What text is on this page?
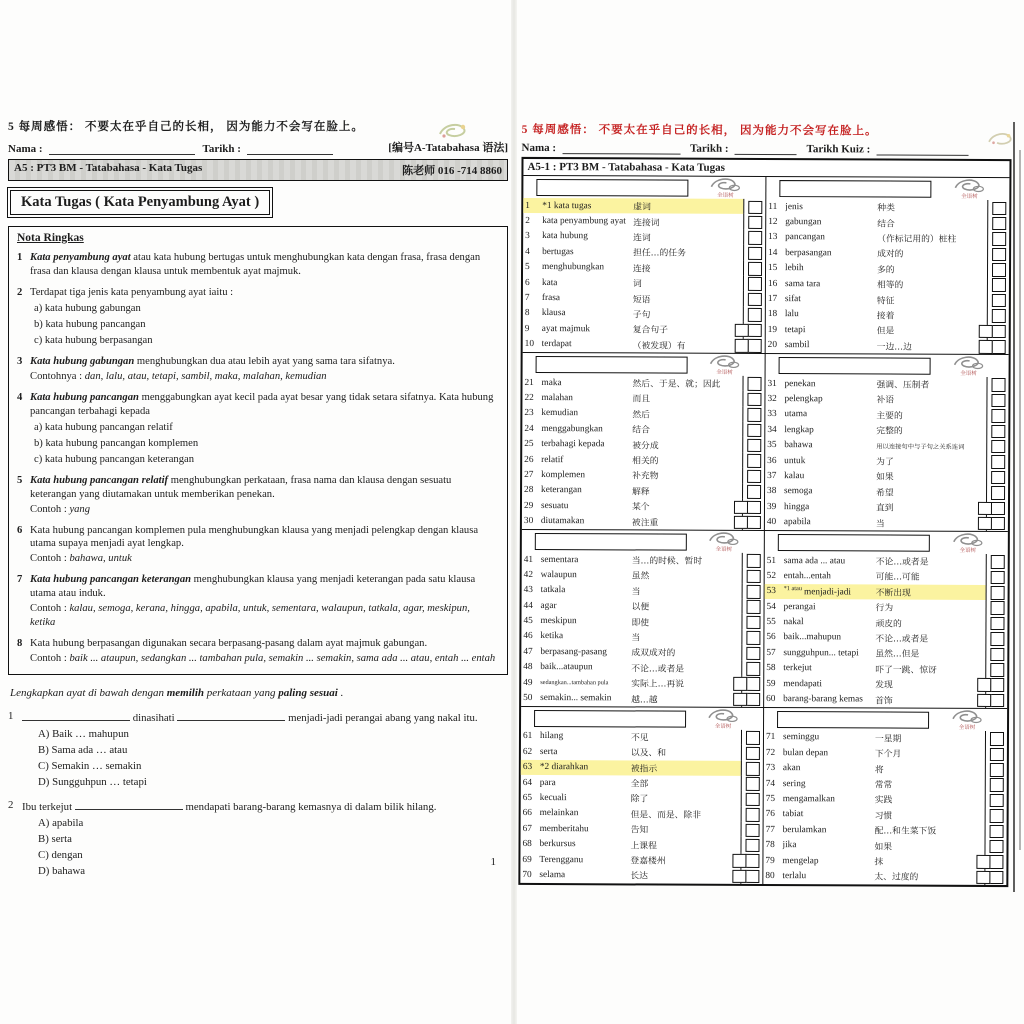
5 每周感悟： 不要太在乎自己的长相， 因为能力不会写在脸上。
Nama :	Tarikh :	[编号A-Tatabahasa 语法]
A5 : PT3 BM - Tatabahasa - Kata Tugas	陈老师 016 -714 8860
Kata Tugas ( Kata Penyambung Ayat )
Nota Ringkas
1 Kata penyambung ayat atau kata hubung bertugas untuk menghubungkan kata dengan frasa, frasa dengan frasa dan klausa dengan klausa untuk membentuk ayat majmuk.
2 Terdapat tiga jenis kata penyambung ayat iaitu :
a) kata hubung gabungan
b) kata hubung pancangan
c) kata hubung berpasangan
3 Kata hubung gabungan menghubungkan dua atau lebih ayat yang sama tara sifatnya.
Contohnya : dan, lalu, atau, tetapi, sambil, maka, malahan, kemudian
4 Kata hubung pancangan menggabungkan ayat kecil pada ayat besar yang tidak setara sifatnya. Kata hubung pancangan terbahagi kepada
a) kata hubung pancangan relatif
b) kata hubung pancangan komplemen
c) kata hubung pancangan keterangan
5 Kata hubung pancangan relatif menghubungkan perkataan, frasa nama dan klausa dengan sesuatu keterangan yang diutamakan untuk memberikan penekan.
Contoh : yang
6 Kata hubung pancangan komplemen pula menghubungkan klausa yang menjadi pelengkap dengan klausa utama supaya menjadi ayat lengkap.
Contoh : bahawa, untuk
7 Kata hubung pancangan keterangan menghubungkan klausa yang menjadi keterangan pada satu klausa utama atau induk.
Contoh : kalau, semoga, kerana, hingga, apabila, untuk, sementara, walaupun, tatkala, agar, meskipun, ketika
8 Kata hubung berpasangan digunakan secara berpasang-pasang dalam ayat majmuk gabungan.
Contoh : baik ... ataupun, sedangkan ... tambahan pula, semakin ... semakin, sama ada ... atau, entah ... entah
Lengkapkan ayat di bawah dengan memilih perkataan yang paling sesuai .
1	dinasihati	menjadi-jadi perangai abang yang nakal itu.
A) Baik … mahupun
B) Sama ada … atau
C) Semakin … semakin
D) Sungguhpun … tetapi
2 Ibu terkejut	mendapati barang-barang kemasnya di dalam bilik hilang.
A) apabila
B) serta
C) dengan
D) bahawa
1
5 每周感悟： 不要太在乎自己的长相， 因为能力不会写在脸上。
Nama :	Tarikh :	Tarikh Kuiz :
A5-1 : PT3 BM - Tatabahasa - Kata Tugas
全语树
1	*1 kata tugas	虚词
2	kata penyambung ayat 连接词
3	kata hubung	连词
4	bertugas	担任…的任务
5	menghubungkan	连接
6	kata	词
7	frasa	短语
8	klausa	子句
9	ayat majmuk	复合句子
10 terdapat	（被发现）有
全语树
11 jenis	种类
12 gabungan	结合
13 pancangan	（作标记用的）桩柱
14 berpasangan	成对的
15 lebih	多的
16 sama tara	相等的
17 sifat	特征
18 lalu	接着
19 tetapi	但是
20 sambil	一边…边
全语树
21 maka	然后、于是、就；因此
22 malahan	而且
23 kemudian	然后
24 menggabungkan	结合
25 terbahagi kepada	被分成
26 relatif	相关的
27 komplemen	补充物
28 keterangan	解释
29 sesuatu	某个
30 diutamakan	被注重
全语树
31 penekan	强调、压制者
32 pelengkap	补语
33 utama	主要的
34 lengkap	完整的
35 bahawa	用以连接句中与子句之关系连词
36 untuk	为了
37 kalau	如果
38 semoga	希望
39 hingga	直到
40 apabila	当
全语树
41 sementara	当…的时候、暂时
42 walaupun	虽然
43 tatkala	当
44 agar	以便
45 meskipun	即使
46 ketika	当
47 berpasang-pasang	成双成对的
48 baik...ataupun	不论…或者是
49	sedangkan...tambahan pula	实际上…再说
50 semakin... semakin	越…越
全语树
51 sama ada ... atau	不论…或者是
52 entah...entah	可能…可能
53	$^{*1 atau}$ menjadi-jadi	不断出现
54 perangai	行为
55 nakal	顽皮的
56 baik...mahupun	不论…或者是
57 sungguhpun... tetapi	虽然…但是
58 terkejut	吓了一跳、惊讶
59 mendapati	发现
60 barang-barang kemas	首饰
全语树
61 hilang	不见
62 serta	以及、和
63 *2 diarahkan	被指示
64 para	全部
65 kecuali	除了
66 melainkan	但是、而是、除非
67 memberitahu	告知
68 berkursus	上课程
69 Terengganu	登嘉楼州
70 selama	长达
全语树
71 seminggu	一星期
72 bulan depan	下个月
73 akan	将
74 sering	常常
75 mengamalkan	实践
76 tabiat	习惯
77 berulamkan	配…和生菜下饭
78 jika	如果
79 mengelap	抹
80 terlalu	太、过度的
